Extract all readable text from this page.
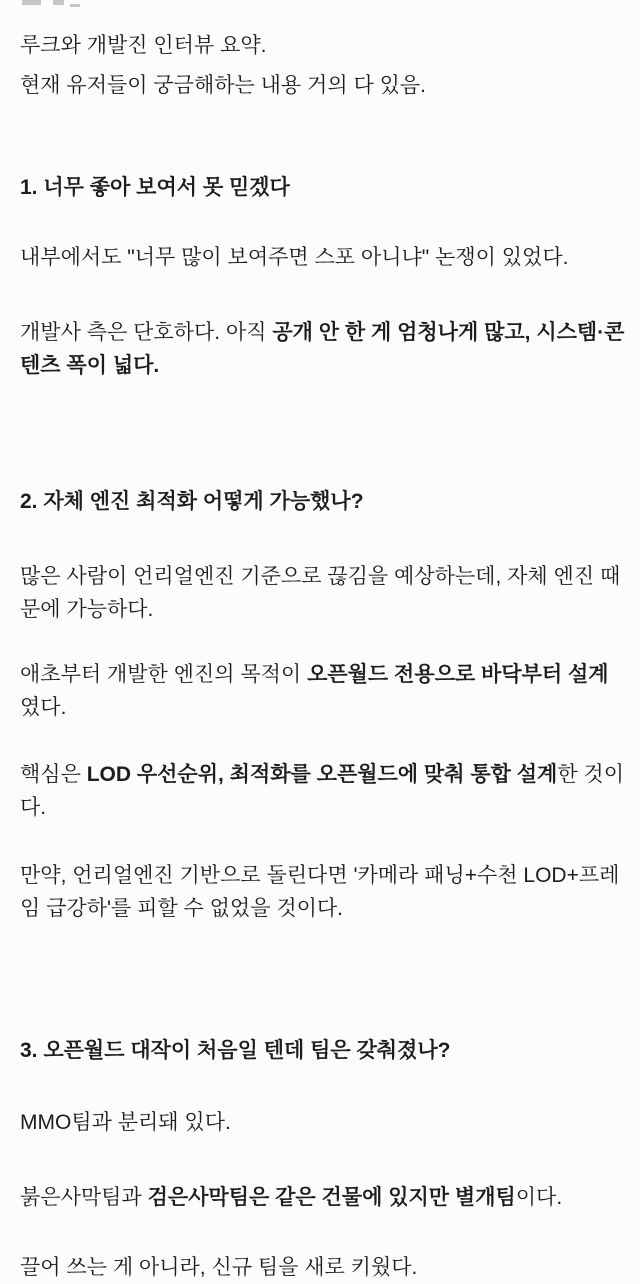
루크와 개발진 인터뷰 요약.

현재 유저들이 궁금해하는 내용 거의 다 있음.

1. 너무 좋아 보여서 못 믿겠다

내부에서도 "너무 많이 보여주면 스포 아니냐" 논쟁이 있었다.

개발사 측은 단호하다. 아직 공개 안 한 게 엄청나게 많고, 시스템·콘텐츠 폭이 넓다.

2. 자체 엔진 최적화 어떻게 가능했나?

많은 사람이 언리얼엔진 기준으로 끊김을 예상하는데, 자체 엔진 때문에 가능하다.

애초부터 개발한 엔진의 목적이 오픈월드 전용으로 바닥부터 설계였다.

핵심은 LOD 우선순위, 최적화를 오픈월드에 맞춰 통합 설계한 것이다.

만약, 언리얼엔진 기반으로 돌린다면 '카메라 패닝+수천 LOD+프레임 급강하'를 피할 수 없었을 것이다.

3. 오픈월드 대작이 처음일 텐데 팀은 갖춰졌나?

MMO팀과 분리돼 있다.

붉은사막팀과 검은사막팀은 같은 건물에 있지만 별개팀이다.

끌어 쓰는 게 아니라, 신규 팀을 새로 키웠다.
